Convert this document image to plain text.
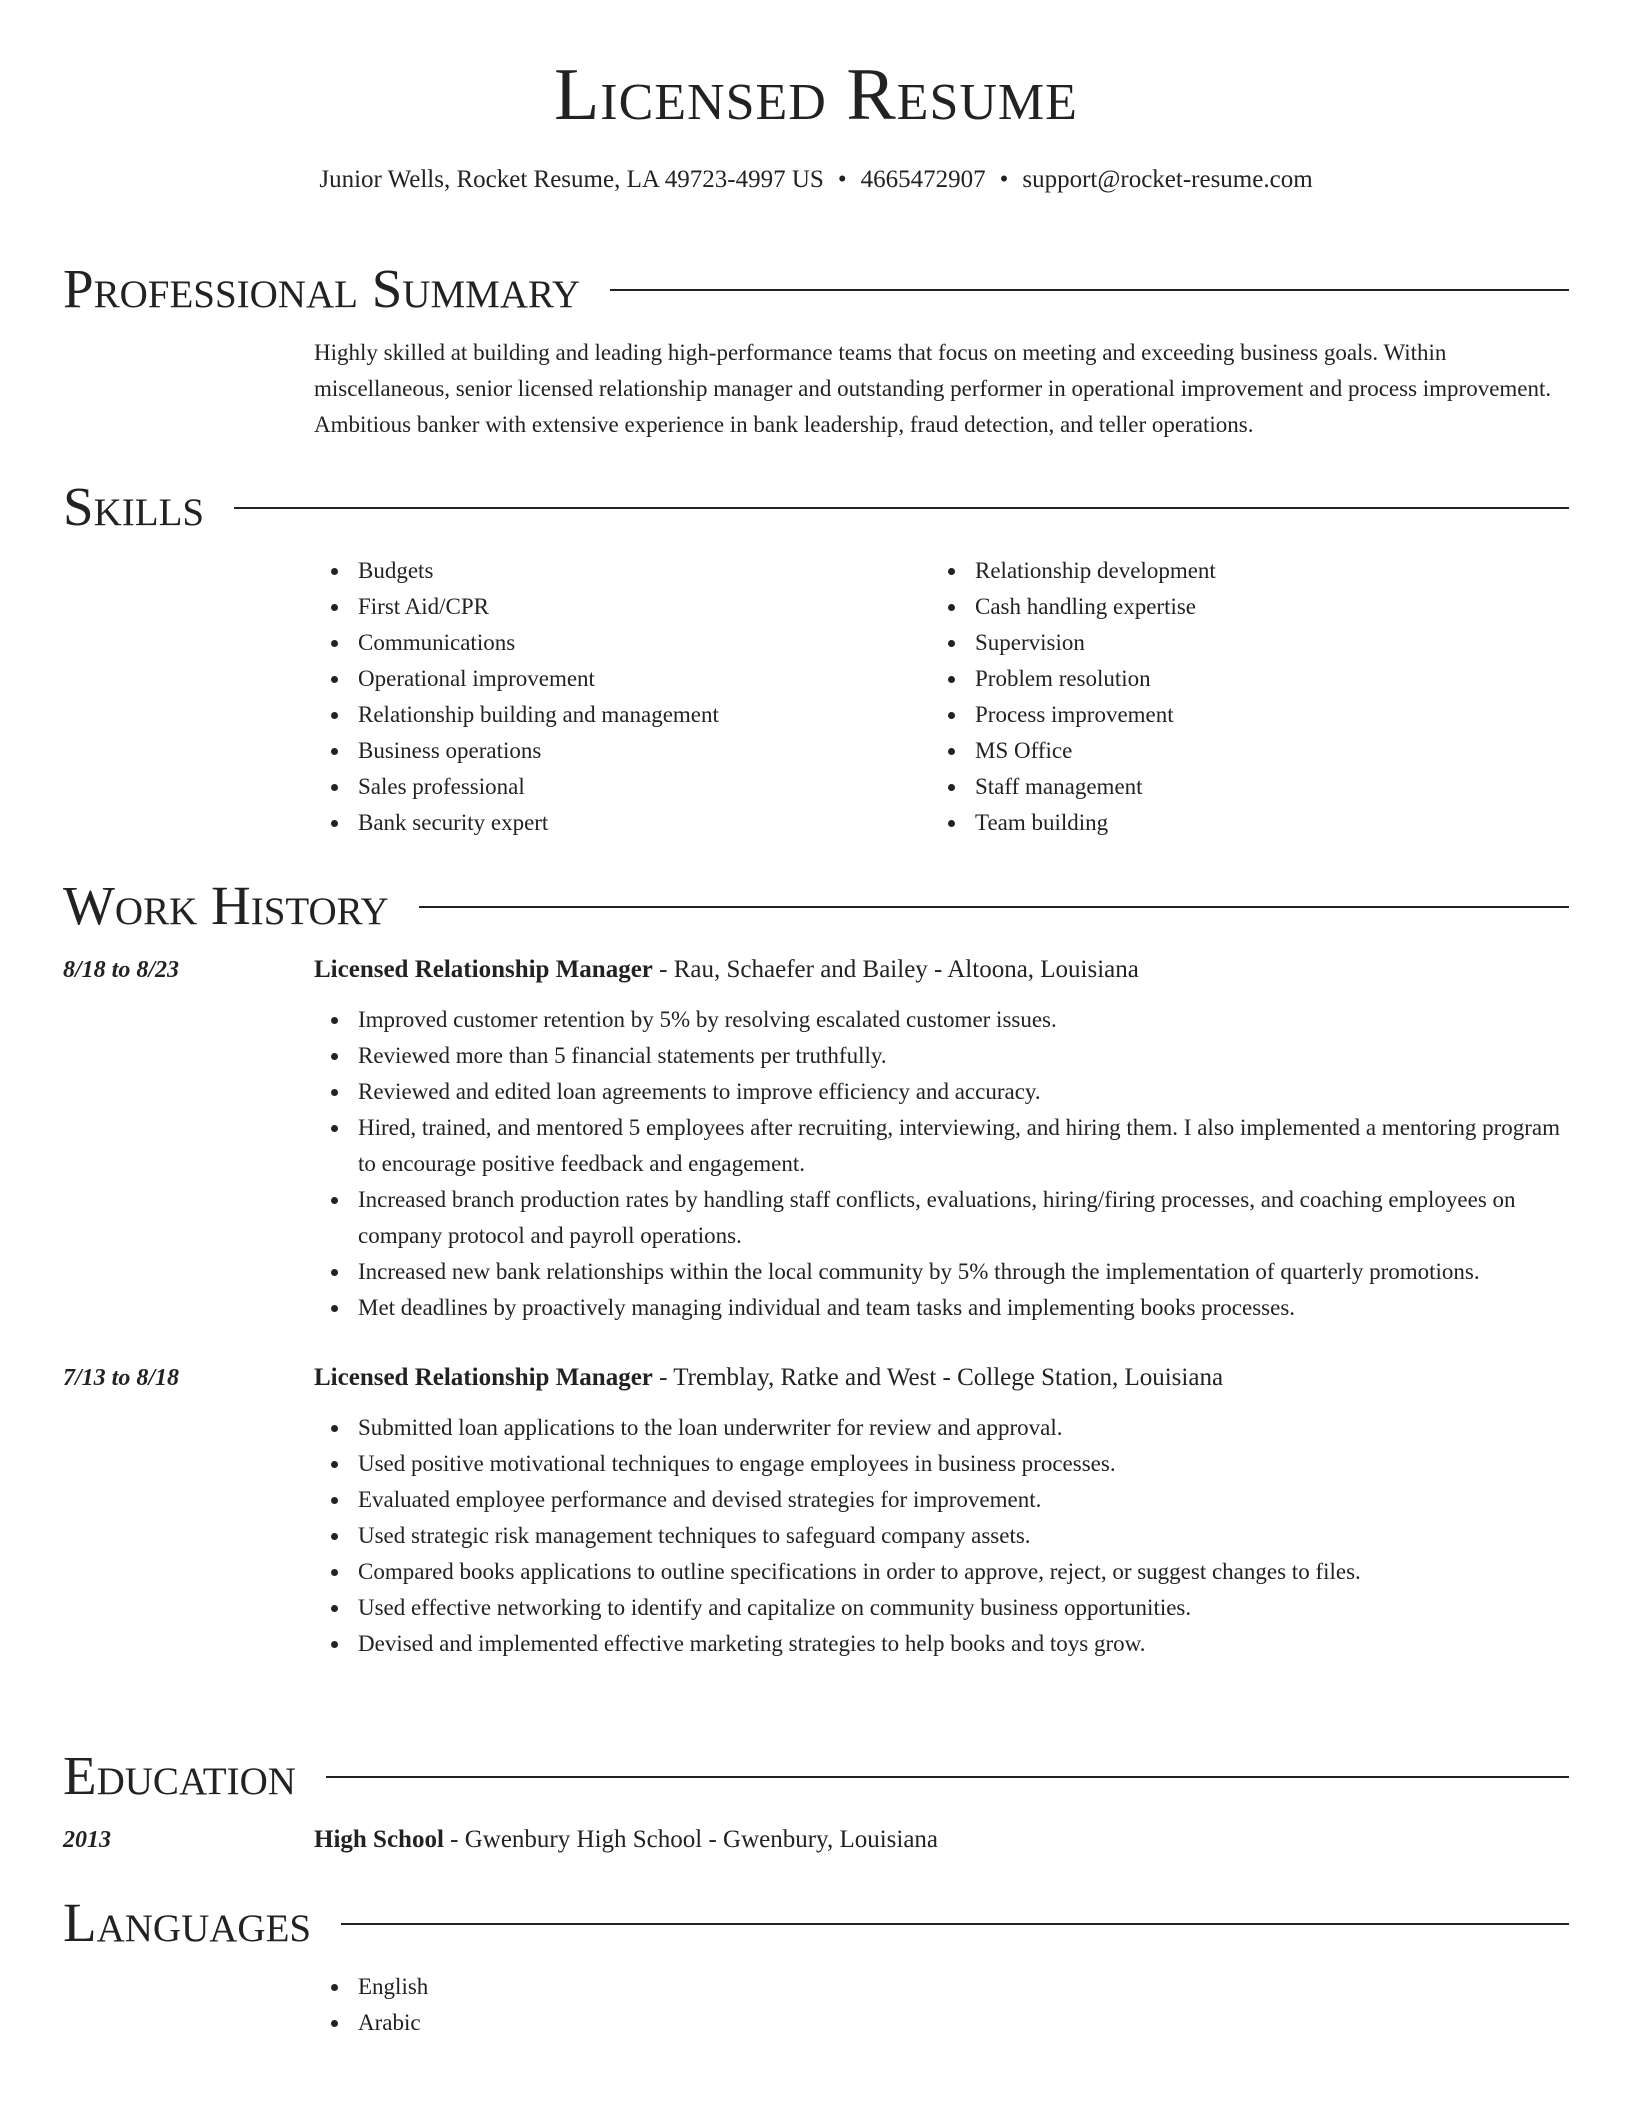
Licensed Resume
Junior Wells, Rocket Resume, LA 49723-4997 US • 4665472907 • support@rocket-resume.com
Professional Summary
Highly skilled at building and leading high-performance teams that focus on meeting and exceeding business goals. Within miscellaneous, senior licensed relationship manager and outstanding performer in operational improvement and process improvement. Ambitious banker with extensive experience in bank leadership, fraud detection, and teller operations.
Skills
Budgets
First Aid/CPR
Communications
Operational improvement
Relationship building and management
Business operations
Sales professional
Bank security expert
Relationship development
Cash handling expertise
Supervision
Problem resolution
Process improvement
MS Office
Staff management
Team building
Work History
8/18 to 8/23	Licensed Relationship Manager - Rau, Schaefer and Bailey - Altoona, Louisiana
Improved customer retention by 5% by resolving escalated customer issues.
Reviewed more than 5 financial statements per truthfully.
Reviewed and edited loan agreements to improve efficiency and accuracy.
Hired, trained, and mentored 5 employees after recruiting, interviewing, and hiring them. I also implemented a mentoring program to encourage positive feedback and engagement.
Increased branch production rates by handling staff conflicts, evaluations, hiring/firing processes, and coaching employees on company protocol and payroll operations.
Increased new bank relationships within the local community by 5% through the implementation of quarterly promotions.
Met deadlines by proactively managing individual and team tasks and implementing books processes.
7/13 to 8/18	Licensed Relationship Manager - Tremblay, Ratke and West - College Station, Louisiana
Submitted loan applications to the loan underwriter for review and approval.
Used positive motivational techniques to engage employees in business processes.
Evaluated employee performance and devised strategies for improvement.
Used strategic risk management techniques to safeguard company assets.
Compared books applications to outline specifications in order to approve, reject, or suggest changes to files.
Used effective networking to identify and capitalize on community business opportunities.
Devised and implemented effective marketing strategies to help books and toys grow.
Education
2013	High School - Gwenbury High School - Gwenbury, Louisiana
Languages
English
Arabic
